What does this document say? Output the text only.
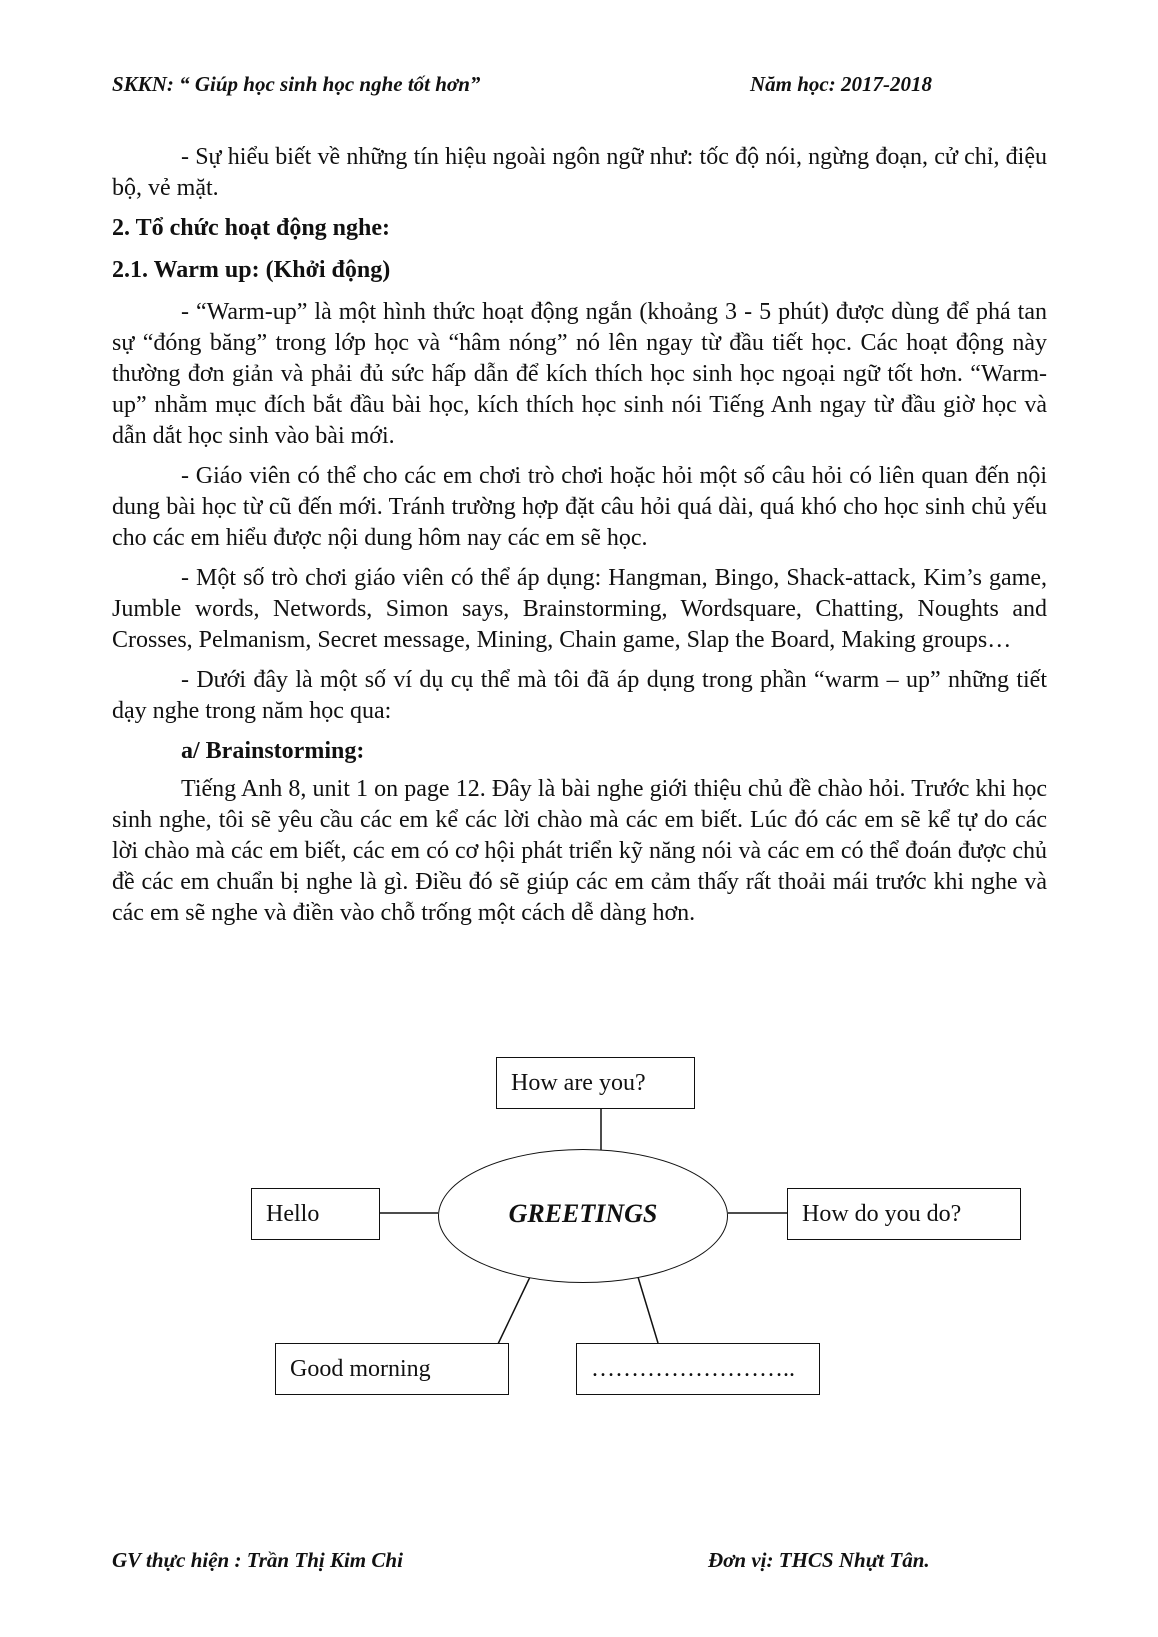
SKKN: “ Giúp học sinh học nghe tốt hơn”	Năm học: 2017-2018

- Sự hiểu biết về những tín hiệu ngoài ngôn ngữ như: tốc độ nói, ngừng đoạn, cử chỉ, điệu bộ, vẻ mặt.

2. Tổ chức hoạt động nghe:
2.1. Warm up: (Khởi động)

- “Warm-up” là một hình thức hoạt động ngắn (khoảng 3 - 5 phút) được dùng để phá tan sự “đóng băng” trong lớp học và “hâm nóng” nó lên ngay từ đầu tiết học. Các hoạt động này thường đơn giản và phải đủ sức hấp dẫn để kích thích học sinh học ngoại ngữ tốt hơn. “Warm-up” nhằm mục đích bắt đầu bài học, kích thích học sinh nói Tiếng Anh ngay từ đầu giờ học và dẫn dắt học sinh vào bài mới.

- Giáo viên có thể cho các em chơi trò chơi hoặc hỏi một số câu hỏi có liên quan đến nội dung bài học từ cũ đến mới. Tránh trường hợp đặt câu hỏi quá dài, quá khó cho học sinh chủ yếu cho các em hiểu được nội dung hôm nay các em sẽ học.

- Một số trò chơi giáo viên có thể áp dụng: Hangman, Bingo, Shack-attack, Kim’s game, Jumble words, Networds, Simon says, Brainstorming, Wordsquare, Chatting, Noughts and Crosses, Pelmanism, Secret message, Mining, Chain game, Slap the Board, Making groups…

- Dưới đây là một số ví dụ cụ thể mà tôi đã áp dụng trong phần “warm – up” những tiết dạy nghe trong năm học qua:

a/ Brainstorming:

Tiếng Anh 8, unit 1 on page 12. Đây là bài nghe giới thiệu chủ đề chào hỏi. Trước khi học sinh nghe, tôi sẽ yêu cầu các em kể các lời chào mà các em biết. Lúc đó các em sẽ kể tự do các lời chào mà các em biết, các em có cơ hội phát triển kỹ năng nói và các em có thể đoán được chủ đề các em chuẩn bị nghe là gì. Điều đó sẽ giúp các em cảm thấy rất thoải mái trước khi nghe và các em sẽ nghe và điền vào chỗ trống một cách dễ dàng hơn.

GREETINGS
How are you?
Hello	How do you do?
Good morning	……………………..
GV thực hiện : Trần Thị Kim Chi	Đơn vị: THCS Nhựt Tân.
